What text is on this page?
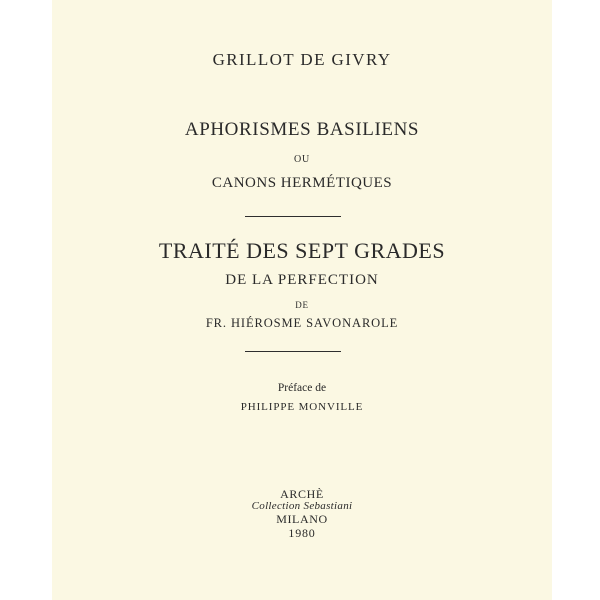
GRILLOT DE GIVRY
APHORISMES BASILIENS
OU
CANONS HERMÉTIQUES
TRAITÉ DES SEPT GRADES
DE LA PERFECTION
DE
FR. HIÉROSME SAVONAROLE
Préface de
PHILIPPE MONVILLE
ARCHÈ
Collection Sebastiani
MILANO
1980
